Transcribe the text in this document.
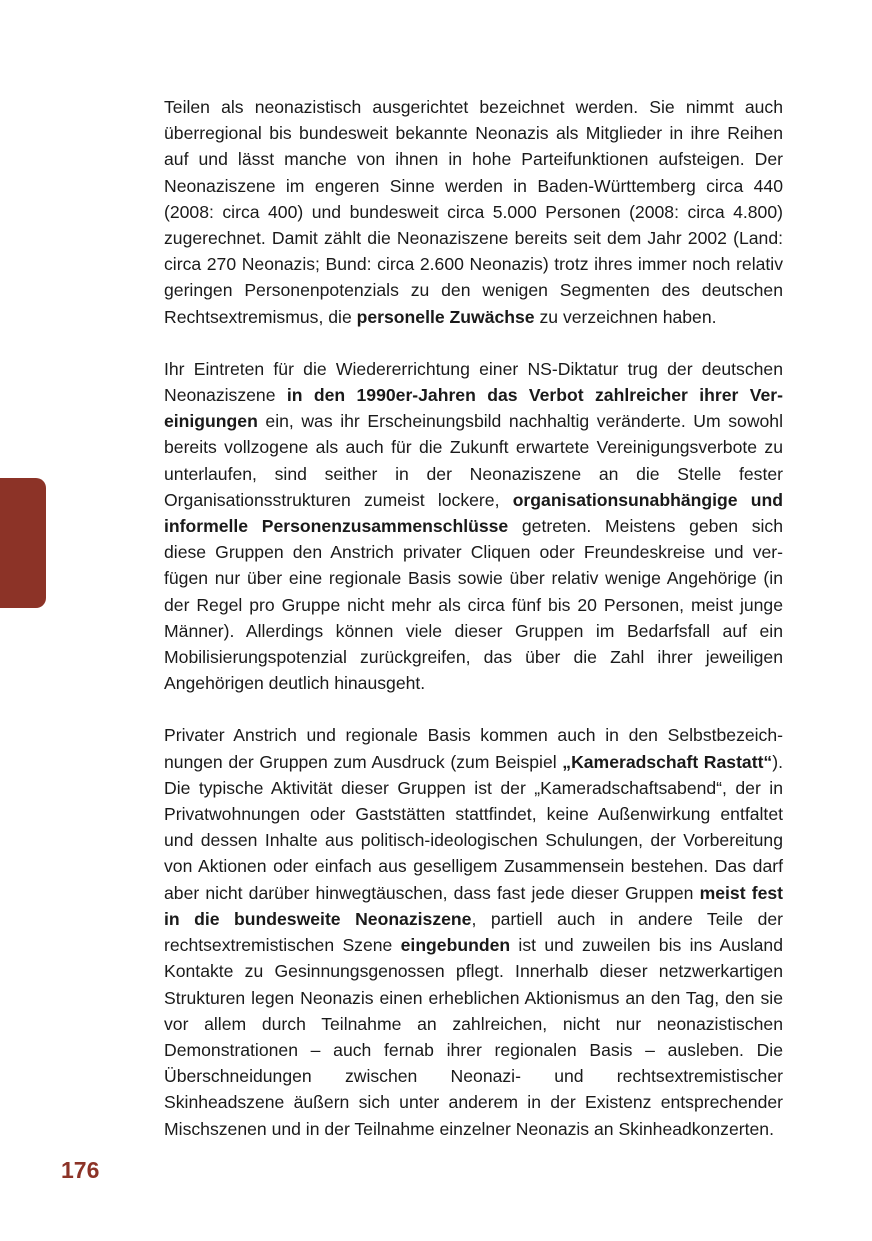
Teilen als neonazistisch ausgerichtet bezeichnet werden. Sie nimmt auch überregional bis bundesweit bekannte Neonazis als Mitglieder in ihre Reihen auf und lässt manche von ihnen in hohe Parteifunktionen aufsteigen. Der Neonaziszene im engeren Sinne werden in Baden-Württemberg circa 440 (2008: circa 400) und bundesweit circa 5.000 Personen (2008: circa 4.800) zugerechnet. Damit zählt die Neonaziszene bereits seit dem Jahr 2002 (Land: circa 270 Neonazis; Bund: circa 2.600 Neonazis) trotz ihres immer noch relativ geringen Personenpotenzials zu den wenigen Segmenten des deutschen Rechtsextremismus, die personelle Zuwächse zu verzeichnen haben.

Ihr Eintreten für die Wiedererrichtung einer NS-Diktatur trug der deutschen Neonaziszene in den 1990er-Jahren das Verbot zahlreicher ihrer Vereinigungen ein, was ihr Erscheinungsbild nachhaltig veränderte. Um sowohl bereits vollzogene als auch für die Zukunft erwartete Vereinigungsverbote zu unterlaufen, sind seither in der Neonaziszene an die Stelle fester Organisationsstrukturen zumeist lockere, organisationsunabhängige und informelle Personenzusammenschlüsse getreten. Meistens geben sich diese Gruppen den Anstrich privater Cliquen oder Freundeskreise und verfügen nur über eine regionale Basis sowie über relativ wenige Angehörige (in der Regel pro Gruppe nicht mehr als circa fünf bis 20 Personen, meist junge Männer). Allerdings können viele dieser Gruppen im Bedarfsfall auf ein Mobilisierungspotenzial zurückgreifen, das über die Zahl ihrer jeweiligen Angehörigen deutlich hinausgeht.

Privater Anstrich und regionale Basis kommen auch in den Selbstbezeichnungen der Gruppen zum Ausdruck (zum Beispiel „Kameradschaft Rastatt“). Die typische Aktivität dieser Gruppen ist der „Kameradschaftsabend“, der in Privatwohnungen oder Gaststätten stattfindet, keine Außenwirkung entfaltet und dessen Inhalte aus politisch-ideologischen Schulungen, der Vorbereitung von Aktionen oder einfach aus geselligem Zusammensein bestehen. Das darf aber nicht darüber hinwegtäuschen, dass fast jede dieser Gruppen meist fest in die bundesweite Neonaziszene, partiell auch in andere Teile der rechtsextremistischen Szene eingebunden ist und zuweilen bis ins Ausland Kontakte zu Gesinnungsgenossen pflegt. Innerhalb dieser netzwerkartigen Strukturen legen Neonazis einen erheblichen Aktionismus an den Tag, den sie vor allem durch Teilnahme an zahlreichen, nicht nur neonazistischen Demonstrationen – auch fernab ihrer regionalen Basis – ausleben. Die Überschneidungen zwischen Neonazi- und rechtsextremistischer Skinheadszene äußern sich unter anderem in der Existenz entsprechender Mischszenen und in der Teilnahme einzelner Neonazis an Skinheadkonzerten.

176
